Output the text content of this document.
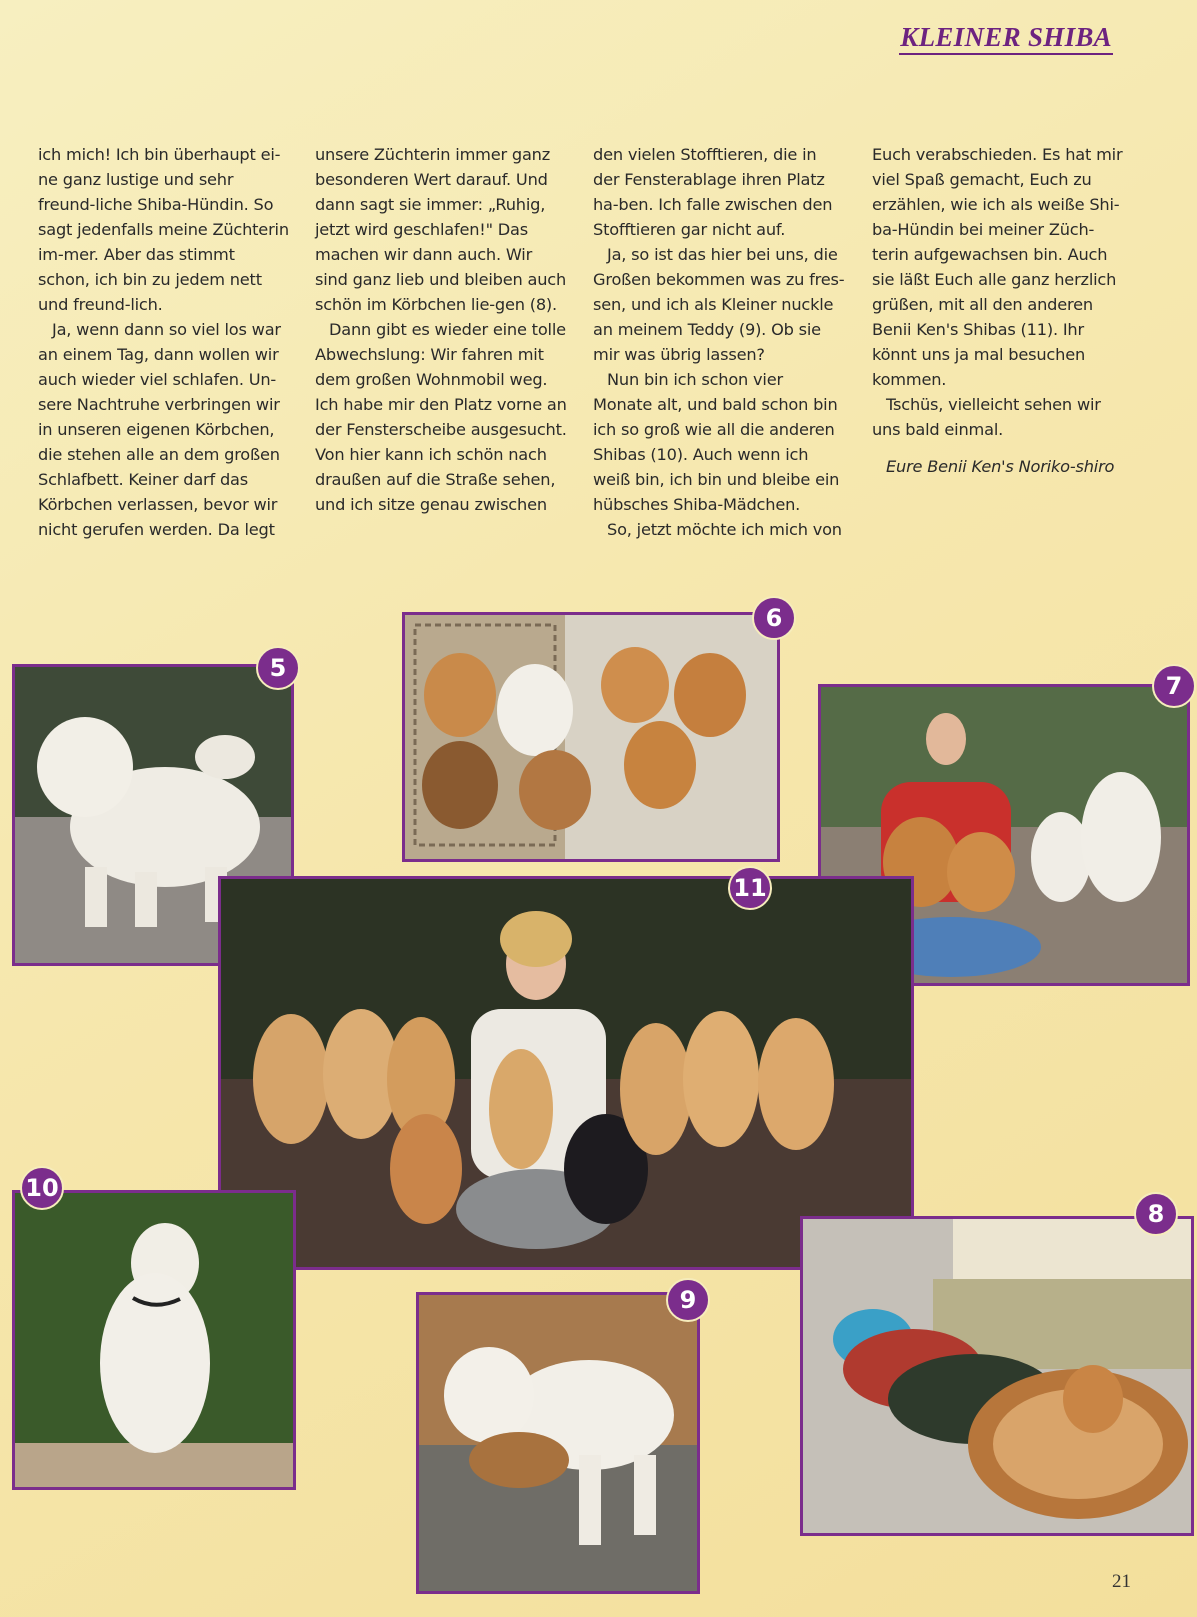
KLEINER SHIBA

ich mich! Ich bin überhaupt ei-ne ganz lustige und sehr freund-liche Shiba-Hündin. So sagt jedenfalls meine Züchterin im-mer. Aber das stimmt schon, ich bin zu jedem nett und freund-lich.

Ja, wenn dann so viel los war an einem Tag, dann wollen wir auch wieder viel schlafen. Un-sere Nachtruhe verbringen wir in unseren eigenen Körbchen, die stehen alle an dem großen Schlafbett. Keiner darf das Körbchen verlassen, bevor wir nicht gerufen werden. Da legt

unsere Züchterin immer ganz besonderen Wert darauf. Und dann sagt sie immer: „Ruhig, jetzt wird geschlafen!" Das machen wir dann auch. Wir sind ganz lieb und bleiben auch schön im Körbchen lie-gen (8).

Dann gibt es wieder eine tolle Abwechslung: Wir fahren mit dem großen Wohnmobil weg. Ich habe mir den Platz vorne an der Fensterscheibe ausgesucht. Von hier kann ich schön nach draußen auf die Straße sehen, und ich sitze genau zwischen

den vielen Stofftieren, die in der Fensterablage ihren Platz ha-ben. Ich falle zwischen den Stofftieren gar nicht auf.

Ja, so ist das hier bei uns, die Großen bekommen was zu fres-sen, und ich als Kleiner nuckle an meinem Teddy (9). Ob sie mir was übrig lassen?

Nun bin ich schon vier Monate alt, und bald schon bin ich so groß wie all die anderen Shibas (10). Auch wenn ich weiß bin, ich bin und bleibe ein hübsches Shiba-Mädchen.

So, jetzt möchte ich mich von

Euch verabschieden. Es hat mir viel Spaß gemacht, Euch zu erzählen, wie ich als weiße Shi-ba-Hündin bei meiner Züch-terin aufgewachsen bin. Auch sie läßt Euch alle ganz herzlich grüßen, mit all den anderen Benii Ken's Shibas (11). Ihr könnt uns ja mal besuchen kommen.

Tschüs, vielleicht sehen wir uns bald einmal.

Eure Benii Ken's Noriko-shiro

6
5
7
11
10
9
8
21
